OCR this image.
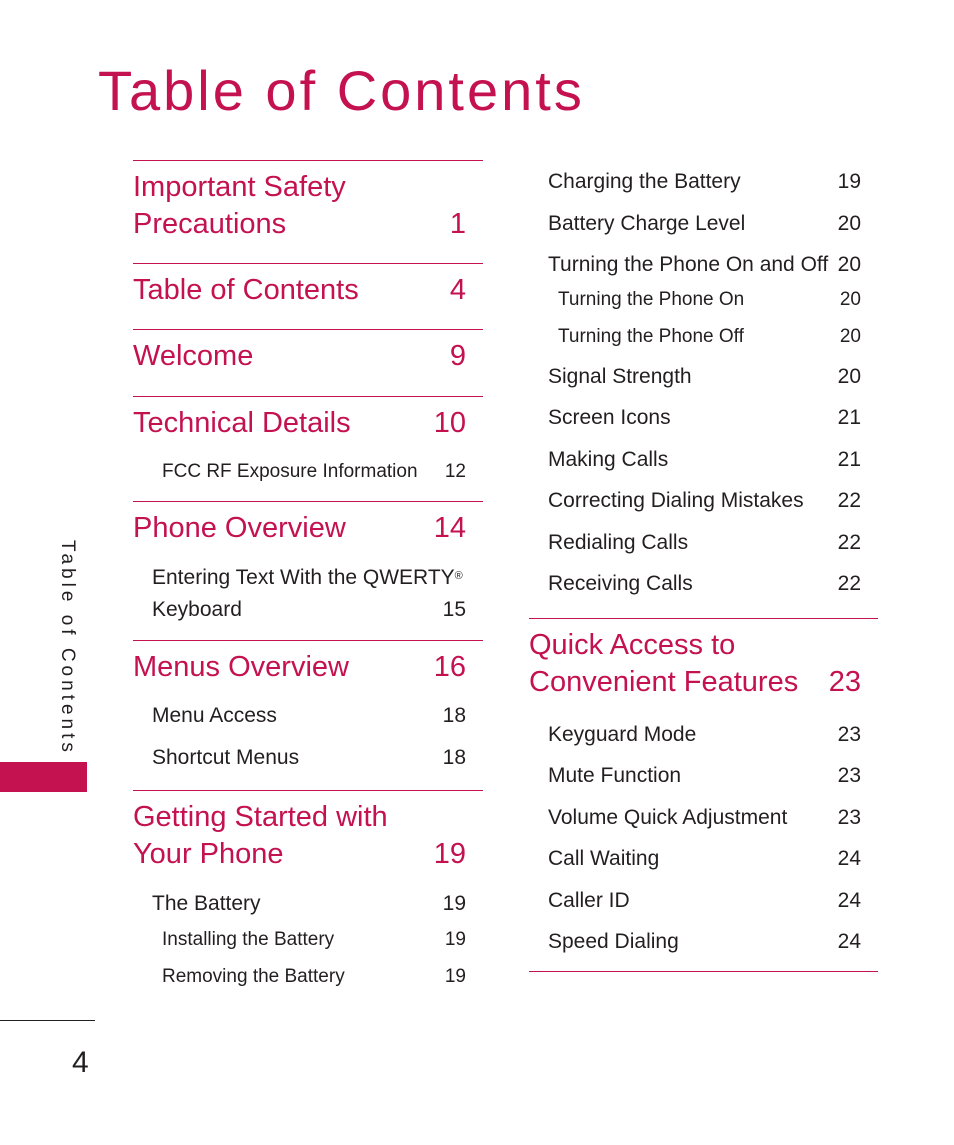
Table of Contents
Important Safety Precautions	1
Table of Contents	4
Welcome	9
Technical Details	10
FCC RF Exposure Information 12
Phone Overview	14
Entering Text With the QWERTY®
Keyboard	15
Menus Overview	16
Menu Access	18
Shortcut Menus	18
Getting Started with Your Phone	19
The Battery	19
Installing the Battery	19
Removing the Battery	19
Charging the Battery	19
Battery Charge Level	20
Turning the Phone On and Off 20
Turning the Phone On	20
Turning the Phone Off	20
Signal Strength	20
Screen Icons	21
Making Calls	21
Correcting Dialing Mistakes 22
Redialing Calls	22
Receiving Calls	22
Quick Access to Convenient Features	23
Keyguard Mode	23
Mute Function	23
Volume Quick Adjustment 23
Call Waiting	24
Caller ID	24
Speed Dialing	24
Table of Contents
4
